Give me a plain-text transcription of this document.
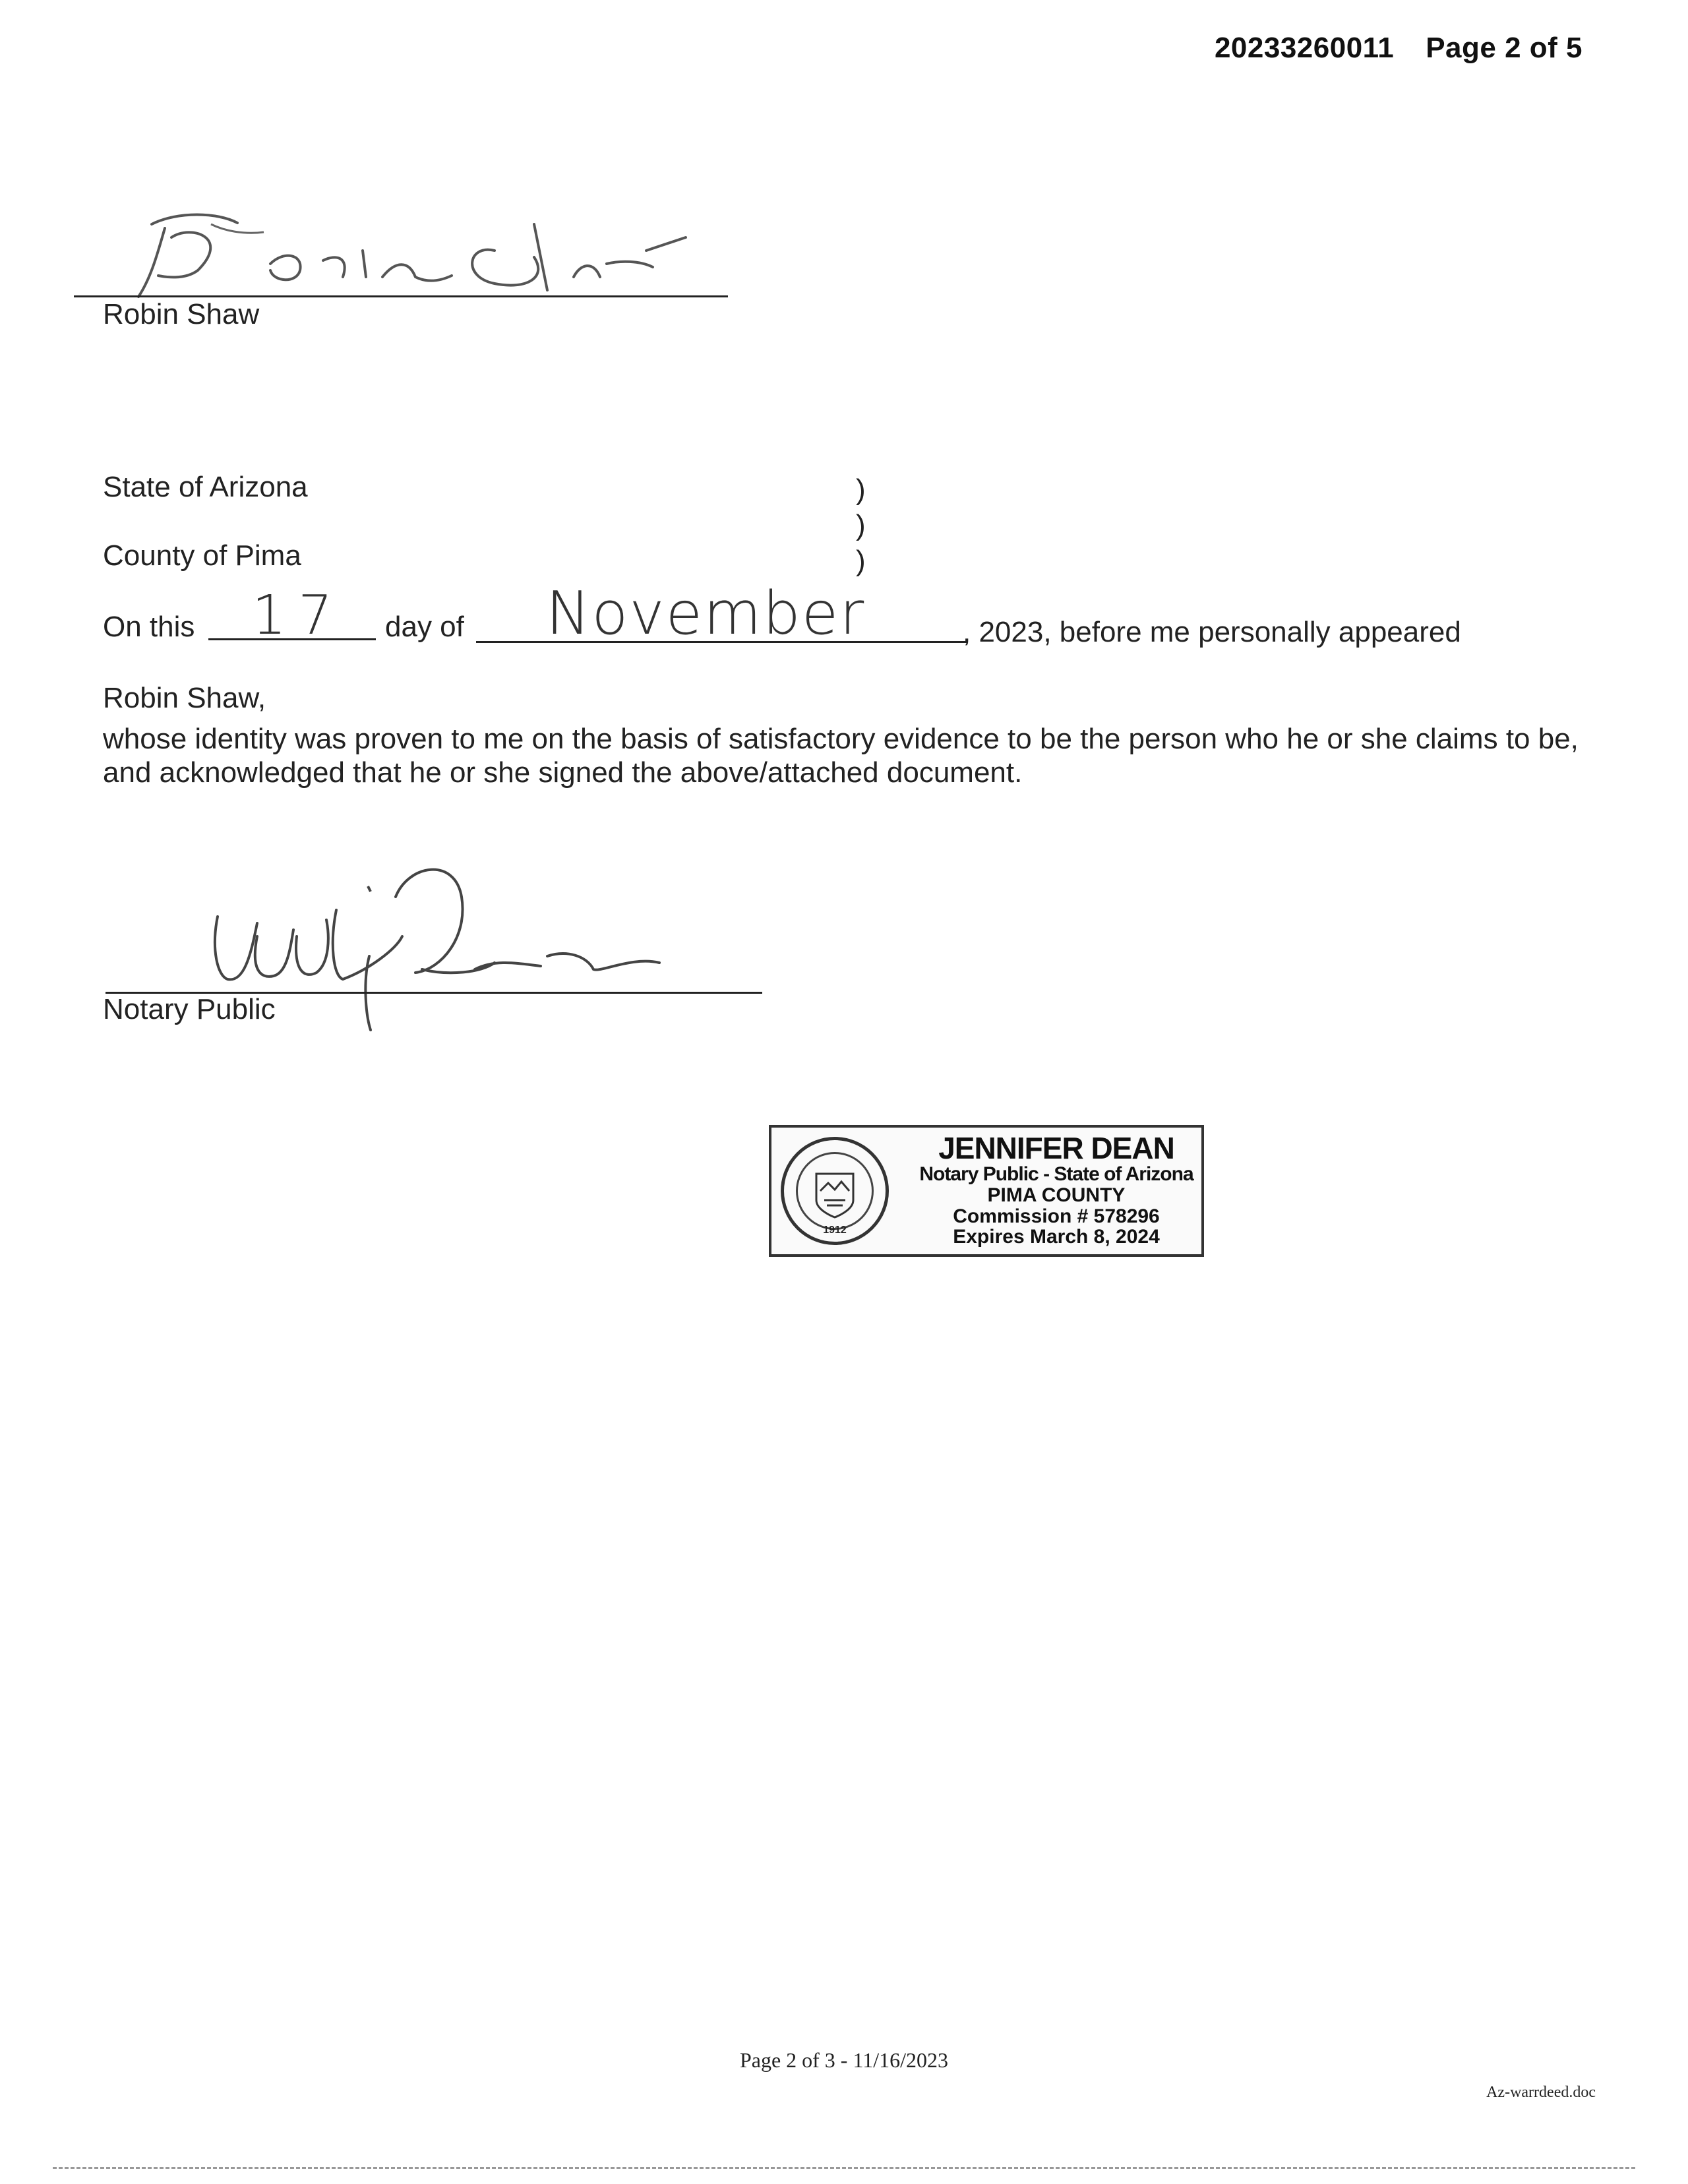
20233260011 Page 2 of 5
Robin Shaw
State of Arizona
County of Pima
)
)
)
On this 17 day of November	, 2023, before me personally appeared
Robin Shaw,
whose identity was proven to me on the basis of satisfactory evidence to be the person who he or she claims to be, and acknowledged that he or she signed the above/attached document.
Notary Public
1912
JENNIFER DEAN
Notary Public - State of Arizona
PIMA COUNTY
Commission # 578296
Expires March 8, 2024
Page 2 of 3 - 11/16/2023
Az-warrdeed.doc
